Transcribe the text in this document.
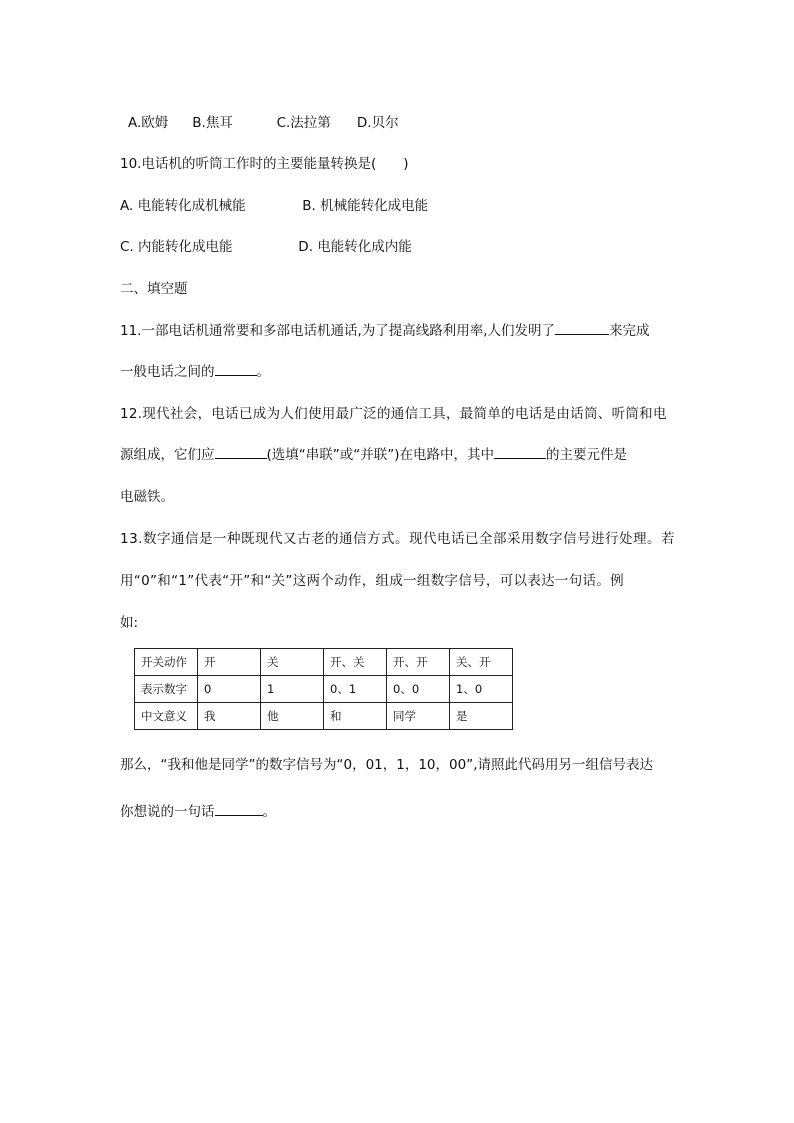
A.欧姆 B.焦耳	C.法拉第 D.贝尔
10.电话机的听筒工作时的主要能量转换是(　　)
A. 电能转化成机械能	B. 机械能转化成电能
C. 内能转化成电能	D. 电能转化成内能
二、填空题
11.一部电话机通常要和多部电话机通话,为了提高线路利用率,人们发明了	来完成
一般电话之间的	。
12.现代社会，电话已成为人们使用最广泛的通信工具，最简单的电话是由话筒、听筒和电
源组成，它们应	(选填“串联”或“并联”)在电路中，其中	的主要元件是
电磁铁。
13.数字通信是一种既现代又古老的通信方式。现代电话已全部采用数字信号进行处理。若
用“0”和“1”代表“开”和“关”这两个动作，组成一组数字信号，可以表达一句话。例
如:
开关动作	开	关	开、关	开、开	关、开
表示数字	0	1	0、1	0、0	1、0
中文意义	我	他	和	同学	是
那么，“我和他是同学”的数字信号为“0，01，1，10，00”,请照此代码用另一组信号表达
你想说的一句话	。
